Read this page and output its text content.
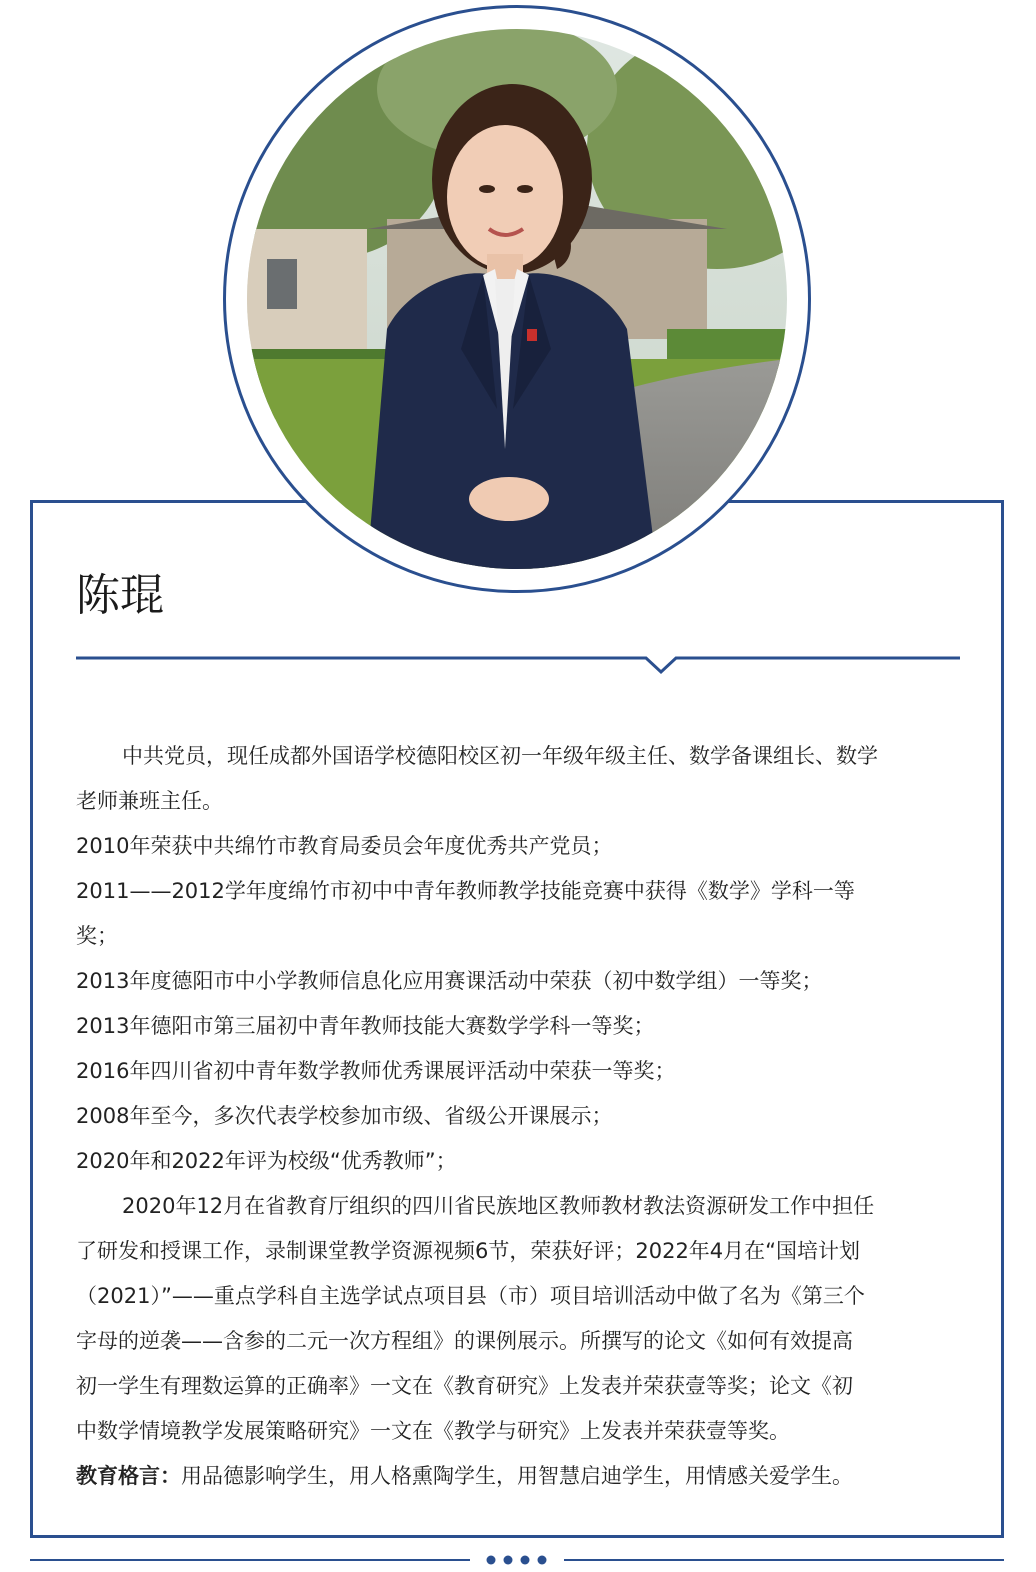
陈琨

中共党员，现任成都外国语学校德阳校区初一年级年级主任、数学备课组长、数学

老师兼班主任。

2010年荣获中共绵竹市教育局委员会年度优秀共产党员；

2011——2012学年度绵竹市初中中青年教师教学技能竞赛中获得《数学》学科一等

奖；

2013年度德阳市中小学教师信息化应用赛课活动中荣获（初中数学组）一等奖；

2013年德阳市第三届初中青年教师技能大赛数学学科一等奖；

2016年四川省初中青年数学教师优秀课展评活动中荣获一等奖；

2008年至今，多次代表学校参加市级、省级公开课展示；

2020年和2022年评为校级“优秀教师”；

2020年12月在省教育厅组织的四川省民族地区教师教材教法资源研发工作中担任

了研发和授课工作，录制课堂教学资源视频6节，荣获好评；2022年4月在“国培计划

（2021）”——重点学科自主选学试点项目县（市）项目培训活动中做了名为《第三个

字母的逆袭——含参的二元一次方程组》的课例展示。所撰写的论文《如何有效提高

初一学生有理数运算的正确率》一文在《教育研究》上发表并荣获壹等奖；论文《初

中数学情境教学发展策略研究》一文在《教学与研究》上发表并荣获壹等奖。

教育格言：用品德影响学生，用人格熏陶学生，用智慧启迪学生，用情感关爱学生。
